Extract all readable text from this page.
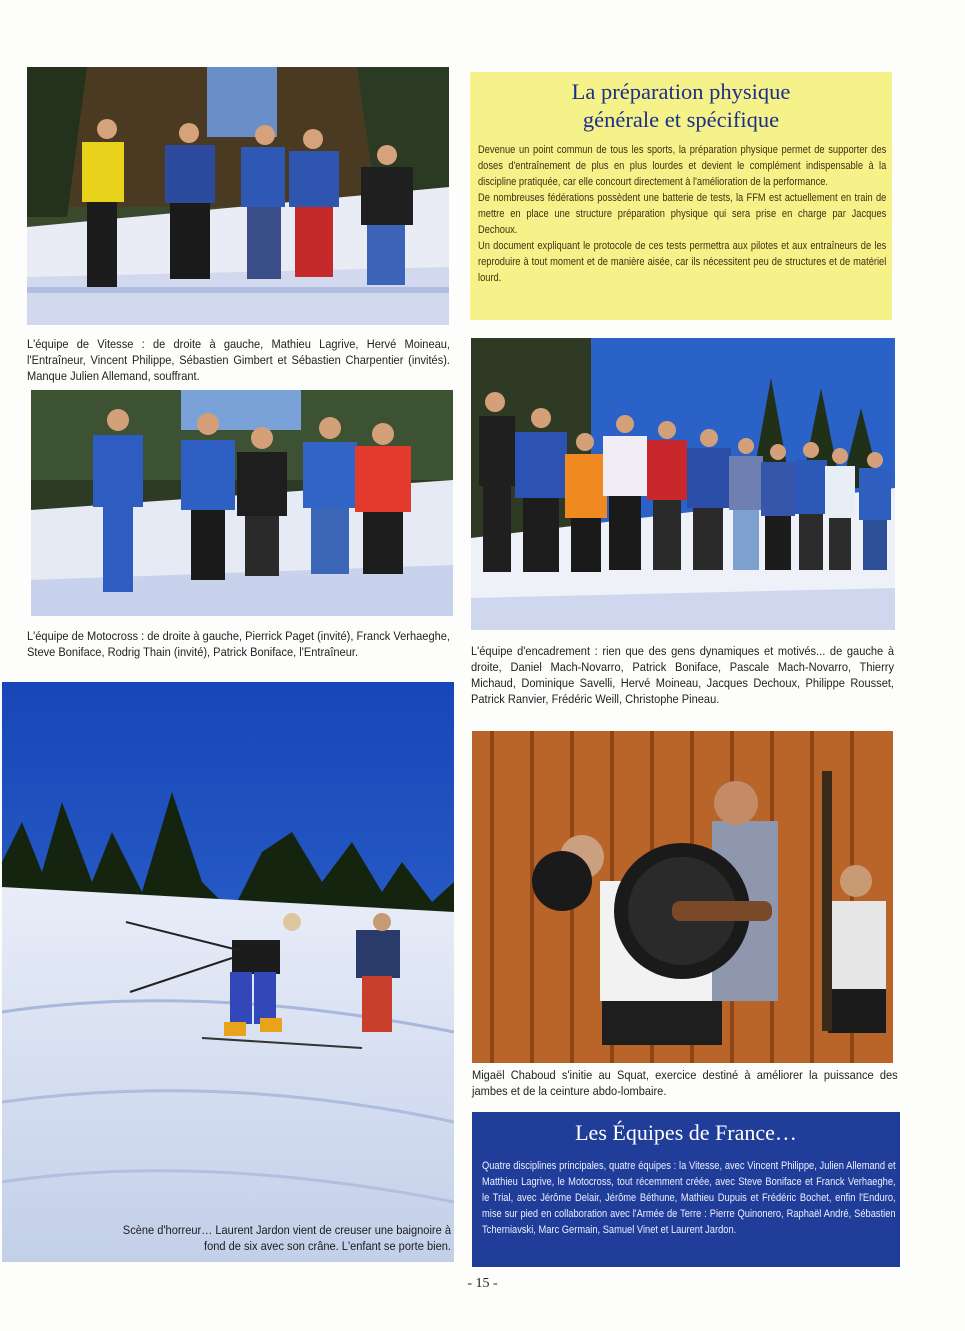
La préparation physique
générale et spécifique

Devenue un point commun de tous les sports, la préparation physique permet de supporter des doses d'entraînement de plus en plus lourdes et devient le complément indispensable à la discipline pratiquée, car elle concourt directement à l'amélioration de la performance.

De nombreuses fédérations possèdent une batterie de tests, la FFM est actuellement en train de mettre en place une structure préparation physique qui sera prise en charge par Jacques Dechoux.

Un document expliquant le protocole de ces tests permettra aux pilotes et aux entraîneurs de les reproduire à tout moment et de manière aisée, car ils nécessitent peu de structures et de matériel lourd.

L'équipe de Vitesse : de droite à gauche, Mathieu Lagrive, Hervé Moineau, l'Entraîneur, Vincent Philippe, Sébastien Gimbert et Sébastien Charpentier (invités). Manque Julien Allemand, souffrant.
L'équipe de Motocross : de droite à gauche, Pierrick Paget (invité), Franck Verhaeghe, Steve Boniface, Rodrig Thain (invité), Patrick Boniface, l'Entraîneur.	L'équipe d'encadrement : rien que des gens dynamiques et motivés... de gauche à droite, Daniel Mach-Novarro, Patrick Boniface, Pascale Mach-Novarro, Thierry Michaud, Dominique Savelli, Hervé Moineau, Jacques Dechoux, Philippe Rousset, Patrick Ranvier, Frédéric Weill, Christophe Pineau.
Scène d'horreur… Laurent Jardon vient de creuser une baignoire à fond de six avec son crâne. L'enfant se porte bien.
Migaël Chaboud s'initie au Squat, exercice destiné à améliorer la puissance des jambes et de la ceinture abdo-lombaire.
Les Équipes de France…

Quatre disciplines principales, quatre équipes : la Vitesse, avec Vincent Philippe, Julien Allemand et Matthieu Lagrive, le Motocross, tout récemment créée, avec Steve Boniface et Franck Verhaeghe, le Trial, avec Jérôme Delair, Jérôme Béthune, Mathieu Dupuis et Frédéric Bochet, enfin l'Enduro, mise sur pied en collaboration avec l'Armée de Terre : Pierre Quinonero, Raphaël André, Sébastien Tcherniavski, Marc Germain, Samuel Vinet et Laurent Jardon.

- 15 -
